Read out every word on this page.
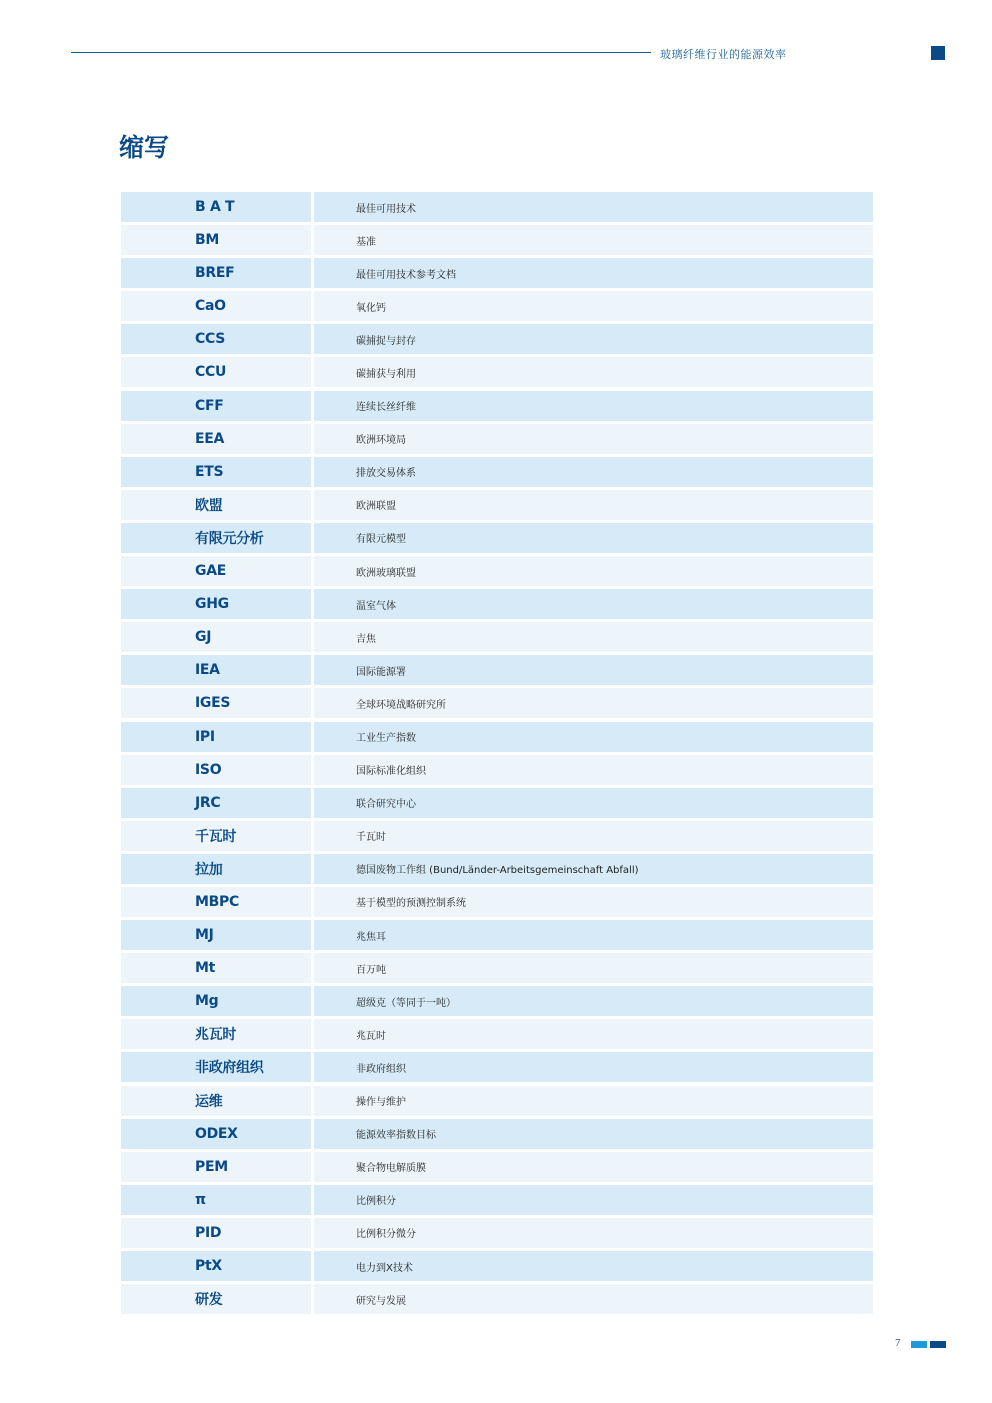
玻璃纤维行业的能源效率
缩写
B A T	最佳可用技术
BM	基准
BREF	最佳可用技术参考文档
CaO	氧化钙
CCS	碳捕捉与封存
CCU	碳捕获与利用
CFF	连续长丝纤维
EEA	欧洲环境局
ETS	排放交易体系
欧盟	欧洲联盟
有限元分析	有限元模型
GAE	欧洲玻璃联盟
GHG	温室气体
GJ	吉焦
IEA	国际能源署
IGES	全球环境战略研究所
IPI	工业生产指数
ISO	国际标准化组织
JRC	联合研究中心
千瓦时	千瓦时
拉加	德国废物工作组 (Bund/Länder-Arbeitsgemeinschaft Abfall)
MBPC	基于模型的预测控制系统
MJ	兆焦耳
Mt	百万吨
Mg	超级克（等同于一吨）
兆瓦时	兆瓦时
非政府组织	非政府组织
运维	操作与维护
ODEX	能源效率指数目标
PEM	聚合物电解质膜
π	比例积分
PID	比例积分微分
PtX	电力到X技术
研发	研究与发展
7
